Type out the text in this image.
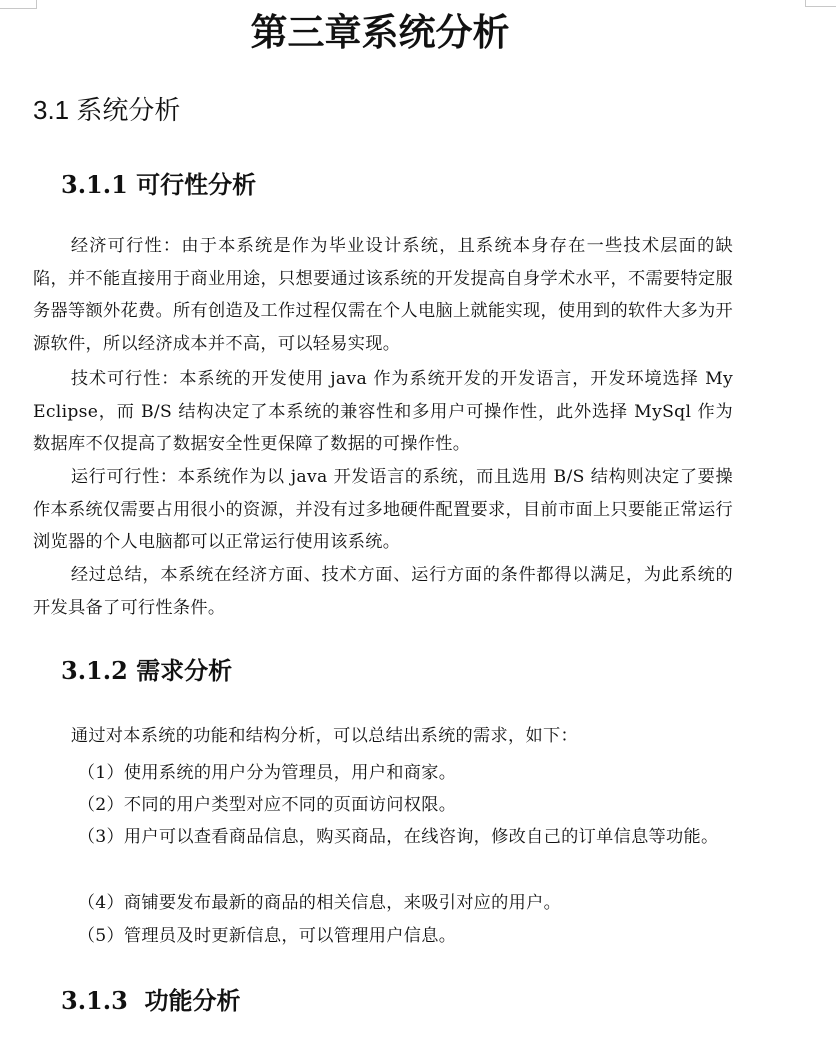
第三章系统分析
3.1 系统分析
3.1.1 可行性分析

经济可行性：由于本系统是作为毕业设计系统，且系统本身存在一些技术层面的缺陷，并不能直接用于商业用途，只想要通过该系统的开发提高自身学术水平，不需要特定服务器等额外花费。所有创造及工作过程仅需在个人电脑上就能实现，使用到的软件大多为开源软件，所以经济成本并不高，可以轻易实现。

技术可行性：本系统的开发使用 java 作为系统开发的开发语言，开发环境选择 My Eclipse，而 B/S 结构决定了本系统的兼容性和多用户可操作性，此外选择 MySql 作为数据库不仅提高了数据安全性更保障了数据的可操作性。

运行可行性：本系统作为以 java 开发语言的系统，而且选用 B/S 结构则决定了要操作本系统仅需要占用很小的资源，并没有过多地硬件配置要求，目前市面上只要能正常运行浏览器的个人电脑都可以正常运行使用该系统。

经过总结，本系统在经济方面、技术方面、运行方面的条件都得以满足，为此系统的开发具备了可行性条件。

3.1.2 需求分析

通过对本系统的功能和结构分析，可以总结出系统的需求，如下：

（1）使用系统的用户分为管理员，用户和商家。

（2）不同的用户类型对应不同的页面访问权限。

（3）用户可以查看商品信息，购买商品，在线咨询，修改自己的订单信息等功能。

（4）商铺要发布最新的商品的相关信息，来吸引对应的用户。

（5）管理员及时更新信息，可以管理用户信息。

3.1.3  功能分析
